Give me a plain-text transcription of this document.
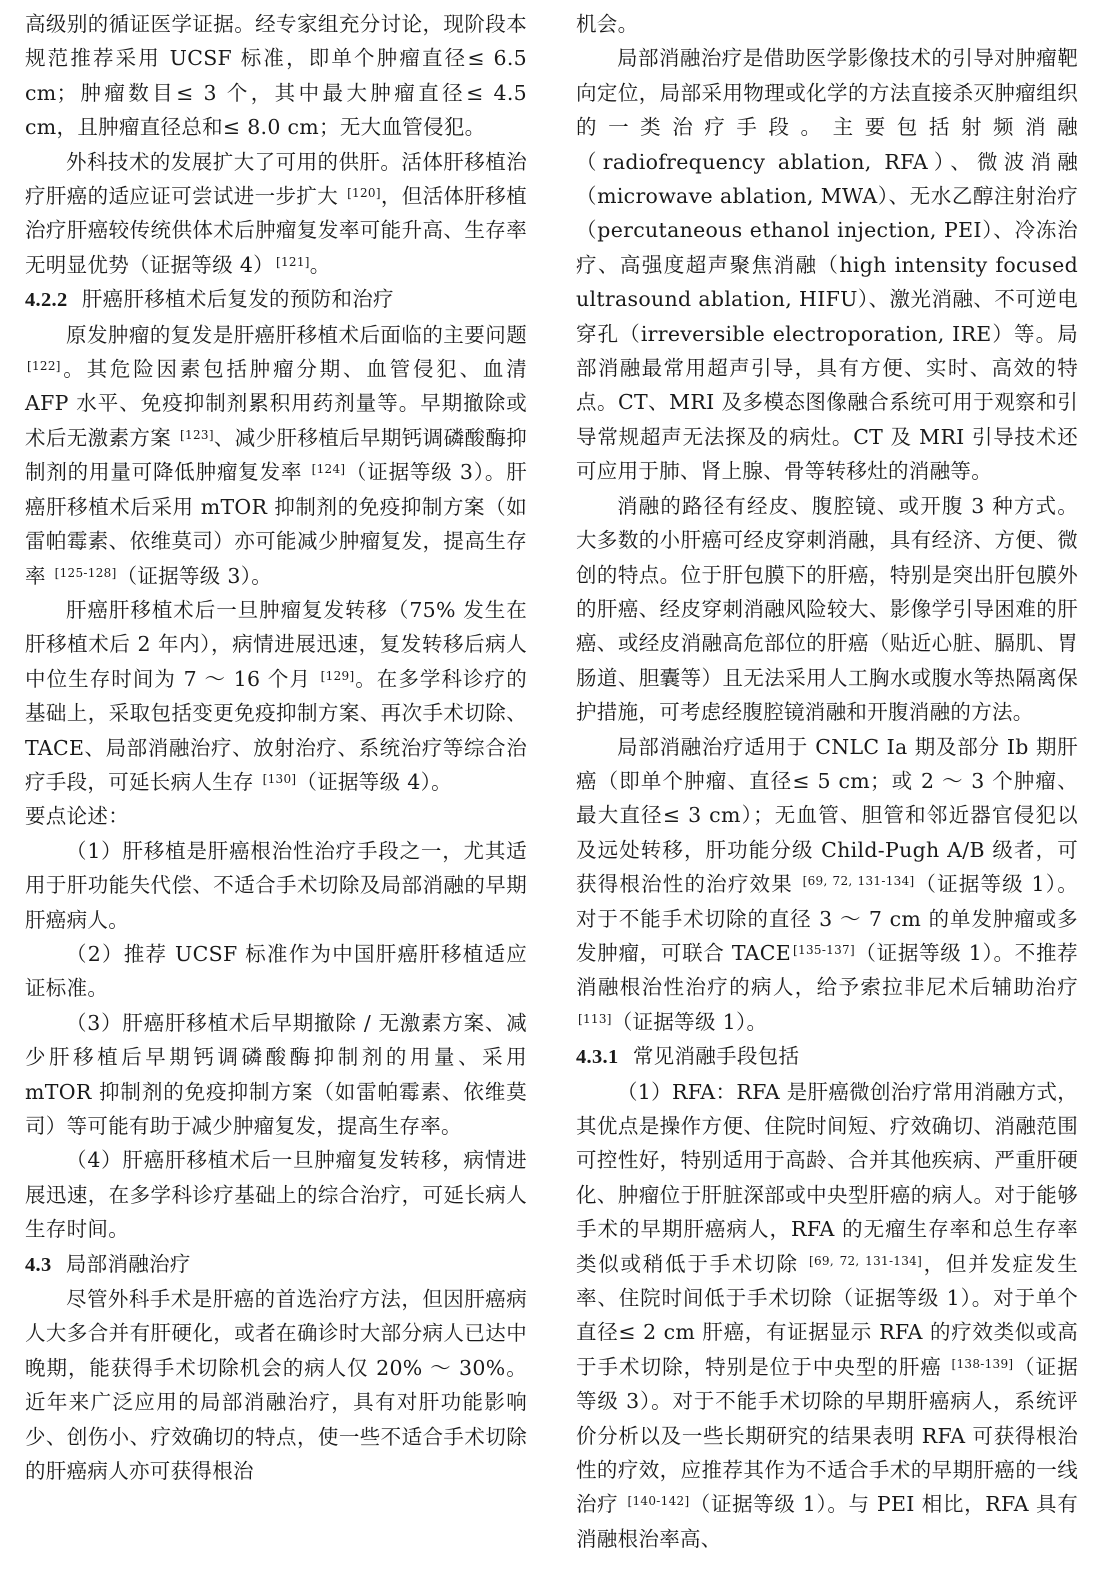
高级别的循证医学证据。经专家组充分讨论，现阶段本规范推荐采用 UCSF 标准，即单个肿瘤直径≤ 6.5 cm；肿瘤数目≤ 3 个，其中最大肿瘤直径≤ 4.5 cm，且肿瘤直径总和≤ 8.0 cm；无大血管侵犯。

外科技术的发展扩大了可用的供肝。活体肝移植治疗肝癌的适应证可尝试进一步扩大 [120]，但活体肝移植治疗肝癌较传统供体术后肿瘤复发率可能升高、生存率无明显优势（证据等级 4） [121]。

4.2.2 肝癌肝移植术后复发的预防和治疗

原发肿瘤的复发是肝癌肝移植术后面临的主要问题 [122]。其危险因素包括肿瘤分期、血管侵犯、血清 AFP 水平、免疫抑制剂累积用药剂量等。早期撤除或术后无激素方案 [123]、减少肝移植后早期钙调磷酸酶抑制剂的用量可降低肿瘤复发率 [124]（证据等级 3）。肝癌肝移植术后采用 mTOR 抑制剂的免疫抑制方案（如雷帕霉素、依维莫司）亦可能减少肿瘤复发，提高生存率 [125-128]（证据等级 3）。

肝癌肝移植术后一旦肿瘤复发转移（75% 发生在肝移植术后 2 年内），病情进展迅速，复发转移后病人中位生存时间为 7 ～ 16 个月 [129]。在多学科诊疗的基础上，采取包括变更免疫抑制方案、再次手术切除、TACE、局部消融治疗、放射治疗、系统治疗等综合治疗手段，可延长病人生存 [130]（证据等级 4）。

要点论述：

（1）肝移植是肝癌根治性治疗手段之一，尤其适用于肝功能失代偿、不适合手术切除及局部消融的早期肝癌病人。

（2）推荐 UCSF 标准作为中国肝癌肝移植适应证标准。

（3）肝癌肝移植术后早期撤除 / 无激素方案、减少肝移植后早期钙调磷酸酶抑制剂的用量、采用 mTOR 抑制剂的免疫抑制方案（如雷帕霉素、依维莫司）等可能有助于减少肿瘤复发，提高生存率。

（4）肝癌肝移植术后一旦肿瘤复发转移，病情进展迅速，在多学科诊疗基础上的综合治疗，可延长病人生存时间。

4.3 局部消融治疗

尽管外科手术是肝癌的首选治疗方法，但因肝癌病人大多合并有肝硬化，或者在确诊时大部分病人已达中晚期，能获得手术切除机会的病人仅 20% ～ 30%。近年来广泛应用的局部消融治疗，具有对肝功能影响少、创伤小、疗效确切的特点，使一些不适合手术切除的肝癌病人亦可获得根治

机会。

局部消融治疗是借助医学影像技术的引导对肿瘤靶向定位，局部采用物理或化学的方法直接杀灭肿瘤组织的一类治疗手段。主要包括射频消融（radiofrequency ablation, RFA）、微波消融（microwave ablation, MWA）、无水乙醇注射治疗（percutaneous ethanol injection, PEI）、冷冻治疗、高强度超声聚焦消融（high intensity focused ultrasound ablation, HIFU）、激光消融、不可逆电穿孔（irreversible electroporation, IRE）等。局部消融最常用超声引导，具有方便、实时、高效的特点。CT、MRI 及多模态图像融合系统可用于观察和引导常规超声无法探及的病灶。CT 及 MRI 引导技术还可应用于肺、肾上腺、骨等转移灶的消融等。

消融的路径有经皮、腹腔镜、或开腹 3 种方式。大多数的小肝癌可经皮穿刺消融，具有经济、方便、微创的特点。位于肝包膜下的肝癌，特别是突出肝包膜外的肝癌、经皮穿刺消融风险较大、影像学引导困难的肝癌、或经皮消融高危部位的肝癌（贴近心脏、膈肌、胃肠道、胆囊等）且无法采用人工胸水或腹水等热隔离保护措施，可考虑经腹腔镜消融和开腹消融的方法。

局部消融治疗适用于 CNLC Ia 期及部分 Ib 期肝癌（即单个肿瘤、直径≤ 5 cm；或 2 ～ 3 个肿瘤、最大直径≤ 3 cm）；无血管、胆管和邻近器官侵犯以及远处转移，肝功能分级 Child-Pugh A/B 级者，可获得根治性的治疗效果 [69, 72, 131-134]（证据等级 1）。对于不能手术切除的直径 3 ～ 7 cm 的单发肿瘤或多发肿瘤，可联合 TACE [135-137]（证据等级 1）。不推荐消融根治性治疗的病人，给予索拉非尼术后辅助治疗 [113]（证据等级 1）。

4.3.1 常见消融手段包括

（1）RFA：RFA 是肝癌微创治疗常用消融方式，其优点是操作方便、住院时间短、疗效确切、消融范围可控性好，特别适用于高龄、合并其他疾病、严重肝硬化、肿瘤位于肝脏深部或中央型肝癌的病人。对于能够手术的早期肝癌病人，RFA 的无瘤生存率和总生存率类似或稍低于手术切除 [69, 72, 131-134]，但并发症发生率、住院时间低于手术切除（证据等级 1）。对于单个直径≤ 2 cm 肝癌，有证据显示 RFA 的疗效类似或高于手术切除，特别是位于中央型的肝癌 [138-139]（证据等级 3）。对于不能手术切除的早期肝癌病人，系统评价分析以及一些长期研究的结果表明 RFA 可获得根治性的疗效，应推荐其作为不适合手术的早期肝癌的一线治疗 [140-142]（证据等级 1）。与 PEI 相比，RFA 具有消融根治率高、
